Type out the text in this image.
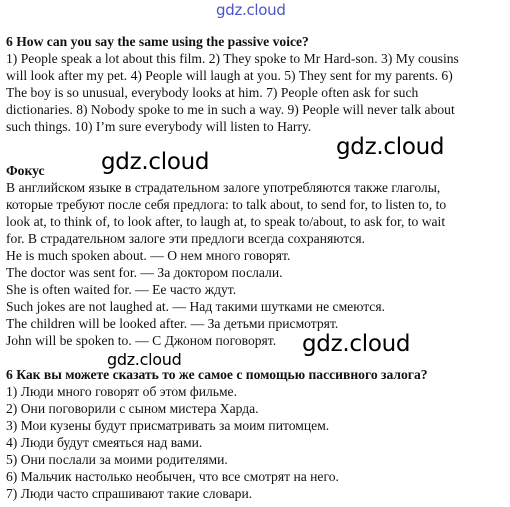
6 How can you say the same using the passive voice?

1) People speak a lot about this film. 2) They spoke to Mr Hard-son. 3) My cousins
will look after my pet. 4) People will laugh at you. 5) They sent for my parents. 6)
The boy is so unusual, everybody looks at him. 7) People often ask for such
dictionaries. 8) Nobody spoke to me in such a way. 9) People will never talk about
such things. 10) I’m sure everybody will listen to Harry.

Фокус

В английском языке в страдательном залоге употребляются также глаголы,
которые требуют после себя предлога: to talk about, to send for, to listen to, to
look at, to think of, to look after, to laugh at, to speak to/about, to ask for, to wait
for. В страдательном залоге эти предлоги всегда сохраняются.
He is much spoken about. — О нем много говорят.
The doctor was sent for. — За доктором послали.
She is often waited for. — Ее часто ждут.
Such jokes are not laughed at. — Над такими шутками не смеются.
The children will be looked after. — За детьми присмотрят.
John will be spoken to. — С Джоном поговорят.

6 Как вы можете сказать то же самое с помощью пассивного залога?

1) Люди много говорят об этом фильме.
2) Они поговорили с сыном мистера Харда.
3) Мои кузены будут присматривать за моим питомцем.
4) Люди будут смеяться над вами.
5) Они послали за моими родителями.
6) Мальчик настолько необычен, что все смотрят на него.
7) Люди часто спрашивают такие словари.
gdz.cloud
gdz.cloud
gdz.cloud
gdz.cloud
gdz.cloud
